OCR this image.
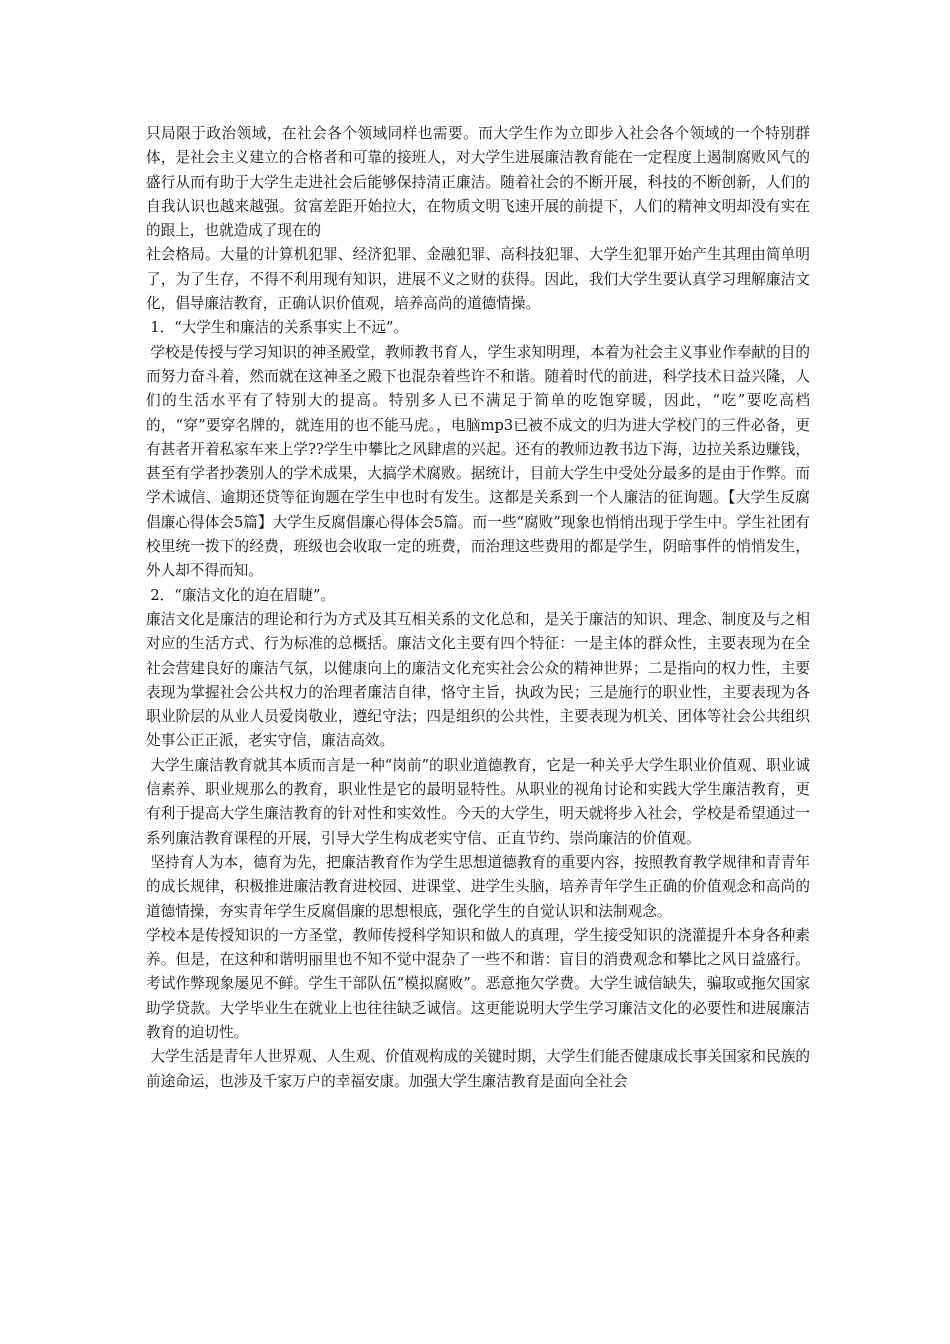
只局限于政治领域，在社会各个领域同样也需要。而大学生作为立即步入社会各个领域的一个特别群体，是社会主义建立的合格者和可靠的接班人，对大学生进展廉洁教育能在一定程度上遏制腐败风气的盛行从而有助于大学生走进社会后能够保持清正廉洁。随着社会的不断开展，科技的不断创新，人们的自我认识也越来越强。贫富差距开始拉大，在物质文明飞速开展的前提下，人们的精神文明却没有实在的跟上，也就造成了现在的

社会格局。大量的计算机犯罪、经济犯罪、金融犯罪、高科技犯罪、大学生犯罪开始产生其理由简单明了，为了生存，不得不利用现有知识，进展不义之财的获得。因此，我们大学生要认真学习理解廉洁文化，倡导廉洁教育，正确认识价值观，培养高尚的道德情操。

1．“大学生和廉洁的关系事实上不远”。

学校是传授与学习知识的神圣殿堂，教师教书育人，学生求知明理，本着为社会主义事业作奉献的目的而努力奋斗着，然而就在这神圣之殿下也混杂着些许不和谐。随着时代的前进，科学技术日益兴隆，人们的生活水平有了特别大的提高。特别多人已不满足于简单的吃饱穿暖，因此，“吃”要吃高档的，“穿”要穿名牌的，就连用的也不能马虎。，电脑mp3已被不成文的归为进大学校门的三件必备，更有甚者开着私家车来上学??学生中攀比之风肆虐的兴起。还有的教师边教书边下海，边拉关系边赚钱，甚至有学者抄袭别人的学术成果，大搞学术腐败。据统计，目前大学生中受处分最多的是由于作弊。而学术诚信、逾期还贷等征询题在学生中也时有发生。这都是关系到一个人廉洁的征询题。【大学生反腐倡廉心得体会5篇】大学生反腐倡廉心得体会5篇。而一些“腐败”现象也悄悄出现于学生中。学生社团有校里统一拨下的经费，班级也会收取一定的班费，而治理这些费用的都是学生，阴暗事件的悄悄发生，外人却不得而知。

2．“廉洁文化的迫在眉睫”。

廉洁文化是廉洁的理论和行为方式及其互相关系的文化总和，是关于廉洁的知识、理念、制度及与之相对应的生活方式、行为标准的总概括。廉洁文化主要有四个特征：一是主体的群众性，主要表现为在全社会营建良好的廉洁气氛，以健康向上的廉洁文化充实社会公众的精神世界；二是指向的权力性，主要表现为掌握社会公共权力的治理者廉洁自律，恪守主旨，执政为民；三是施行的职业性，主要表现为各职业阶层的从业人员爱岗敬业，遵纪守法；四是组织的公共性，主要表现为机关、团体等社会公共组织处事公正正派，老实守信，廉洁高效。

大学生廉洁教育就其本质而言是一种“岗前”的职业道德教育，它是一种关乎大学生职业价值观、职业诚信素养、职业规那么的教育，职业性是它的最明显特性。从职业的视角讨论和实践大学生廉洁教育，更有利于提高大学生廉洁教育的针对性和实效性。今天的大学生，明天就将步入社会，学校是希望通过一系列廉洁教育课程的开展，引导大学生构成老实守信、正直节约、崇尚廉洁的价值观。

坚持育人为本，德育为先，把廉洁教育作为学生思想道德教育的重要内容，按照教育教学规律和青青年的成长规律，积极推进廉洁教育进校园、进课堂、进学生头脑，培养青年学生正确的价值观念和高尚的道德情操，夯实青年学生反腐倡廉的思想根底，强化学生的自觉认识和法制观念。

学校本是传授知识的一方圣堂，教师传授科学知识和做人的真理，学生接受知识的浇灌提升本身各种素养。但是，在这种和谐明丽里也不知不觉中混杂了一些不和谐：盲目的消费观念和攀比之风日益盛行。考试作弊现象屡见不鲜。学生干部队伍“模拟腐败”。恶意拖欠学费。大学生诚信缺失，骗取或拖欠国家助学贷款。大学毕业生在就业上也往往缺乏诚信。这更能说明大学生学习廉洁文化的必要性和进展廉洁教育的迫切性。

大学生活是青年人世界观、人生观、价值观构成的关键时期，大学生们能否健康成长事关国家和民族的前途命运，也涉及千家万户的幸福安康。加强大学生廉洁教育是面向全社会
